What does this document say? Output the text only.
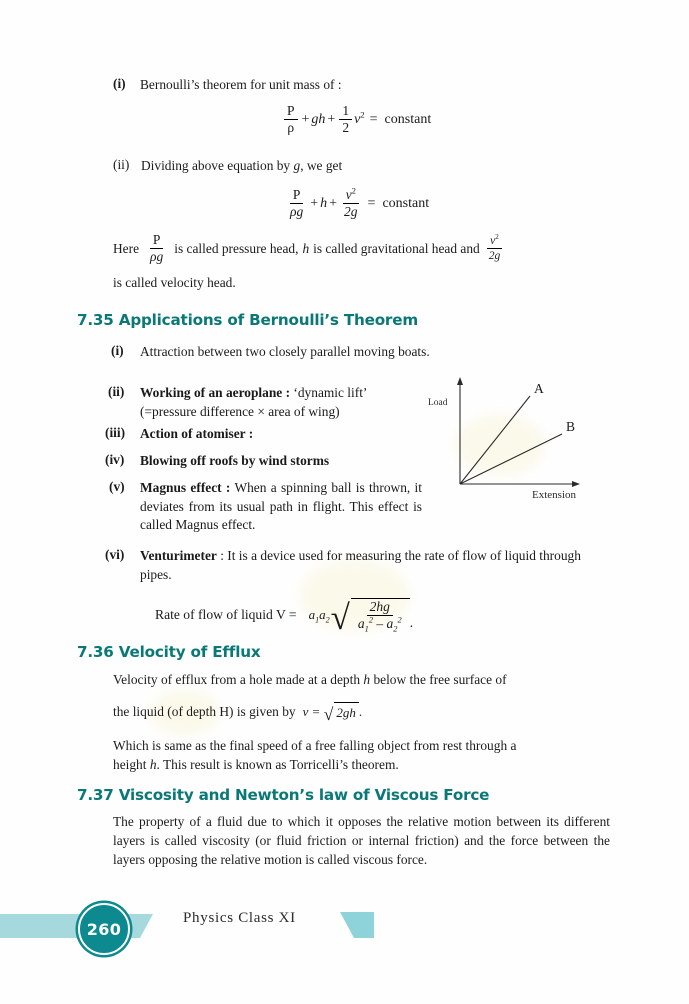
(i) Bernoulli’s theorem for unit mass of :
$\frac{P}{\rho}$ + gh + $\frac{1}{2} v^2$ = constant
(ii) Dividing above equation by g, we get
$\frac{P}{\rho g} + h + \frac{v^2}{2g}$ = constant
Here $\frac{P}{\rho g}$ is called pressure head, h is called gravitational head and $\frac{v^2}{2g}$
is called velocity head.
7.35 Applications of Bernoulli’s Theorem
(i) Attraction between two closely parallel moving boats.
(ii) Working of an aeroplane : ‘dynamic lift’
(=pressure difference × area of wing)
(iii) Action of atomiser :
(iv) Blowing off roofs by wind storms
(v) Magnus effect : When a spinning ball is thrown, it deviates from its usual path in flight. This effect is called Magnus effect.
(vi) Venturimeter : It is a device used for measuring the rate of flow of liquid through pipes.
Rate of flow of liquid $V = a_1a_2$ √ $\frac{2hg}{a_1^2 - a_2^2}$ .
7.36 Velocity of Efflux
Velocity of efflux from a hole made at a depth h below the free surface of
the liquid (of depth H) is given by v = √ 2gh .
Which is same as the final speed of a free falling object from rest through a
height h. This result is known as Torricelli’s theorem.
7.37 Viscosity and Newton’s law of Viscous Force
The property of a fluid due to which it opposes the relative motion between its different layers is called viscosity (or fluid friction or internal friction) and the force between the layers opposing the relative motion is called viscous force.
Load
Extension
A
B
260
Physics Class XI
